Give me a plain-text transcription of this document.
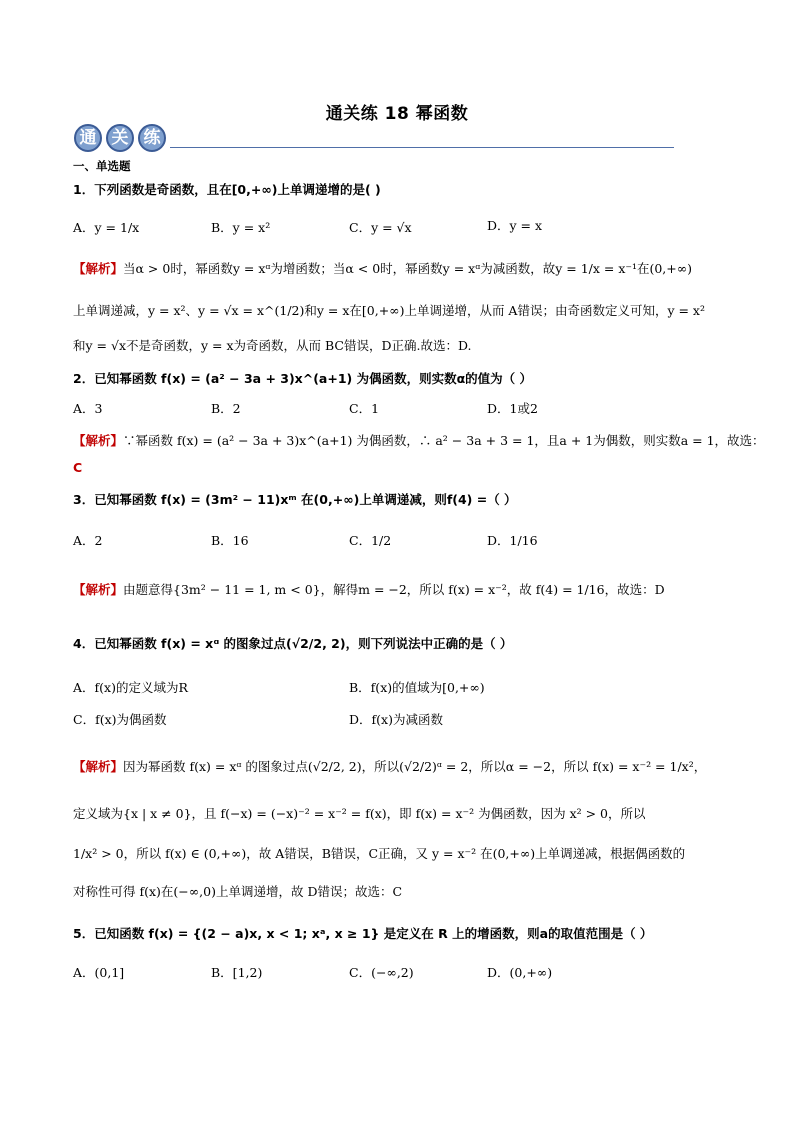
通关练 18 幂函数
通 关 练
一、单选题
1．下列函数是奇函数，且在[0,+∞)上单调递增的是( )
A．y = 1/x	B．y = x²	C．y = √x	D．y = x
【解析】当α > 0时，幂函数y = xᵅ为增函数；当α < 0时，幂函数y = xᵅ为减函数，故y = 1/x = x⁻¹在(0,+∞)
上单调递减，y = x²、y = √x = x^(1/2)和y = x在[0,+∞)上单调递增，从而 A错误；由奇函数定义可知，y = x²
和y = √x不是奇函数，y = x为奇函数，从而 BC错误，D正确.故选：D.
2．已知幂函数 f(x) = (a² − 3a + 3)x^(a+1) 为偶函数，则实数α的值为（ ）
A．3	B．2	C．1	D．1或2
【解析】∵幂函数 f(x) = (a² − 3a + 3)x^(a+1) 为偶函数，∴ a² − 3a + 3 = 1，且a + 1为偶数，则实数a = 1，故选：
C
3．已知幂函数 f(x) = (3m² − 11)xᵐ 在(0,+∞)上单调递减，则f(4) =（ ）
A．2	B．16	C．1/2	D．1/16
【解析】由题意得{3m² − 11 = 1, m < 0}，解得m = −2，所以 f(x) = x⁻²，故 f(4) = 1/16，故选：D
4．已知幂函数 f(x) = xᵅ 的图象过点(√2/2, 2)，则下列说法中正确的是（ ）
A．f(x)的定义域为R	B．f(x)的值域为[0,+∞)
C．f(x)为偶函数	D．f(x)为减函数
【解析】因为幂函数 f(x) = xᵅ 的图象过点(√2/2, 2)，所以(√2/2)ᵅ = 2，所以α = −2，所以 f(x) = x⁻² = 1/x²，
定义域为{x | x ≠ 0}，且 f(−x) = (−x)⁻² = x⁻² = f(x)，即 f(x) = x⁻² 为偶函数，因为 x² > 0，所以
1/x² > 0，所以 f(x) ∈ (0,+∞)，故 A错误，B错误，C正确，又 y = x⁻² 在(0,+∞)上单调递减，根据偶函数的
对称性可得 f(x)在(−∞,0)上单调递增，故 D错误；故选：C
5．已知函数 f(x) = {(2 − a)x, x < 1; xᵃ, x ≥ 1} 是定义在 R 上的增函数，则a的取值范围是（ ）
A．(0,1]	B．[1,2)	C．(−∞,2)	D．(0,+∞)
